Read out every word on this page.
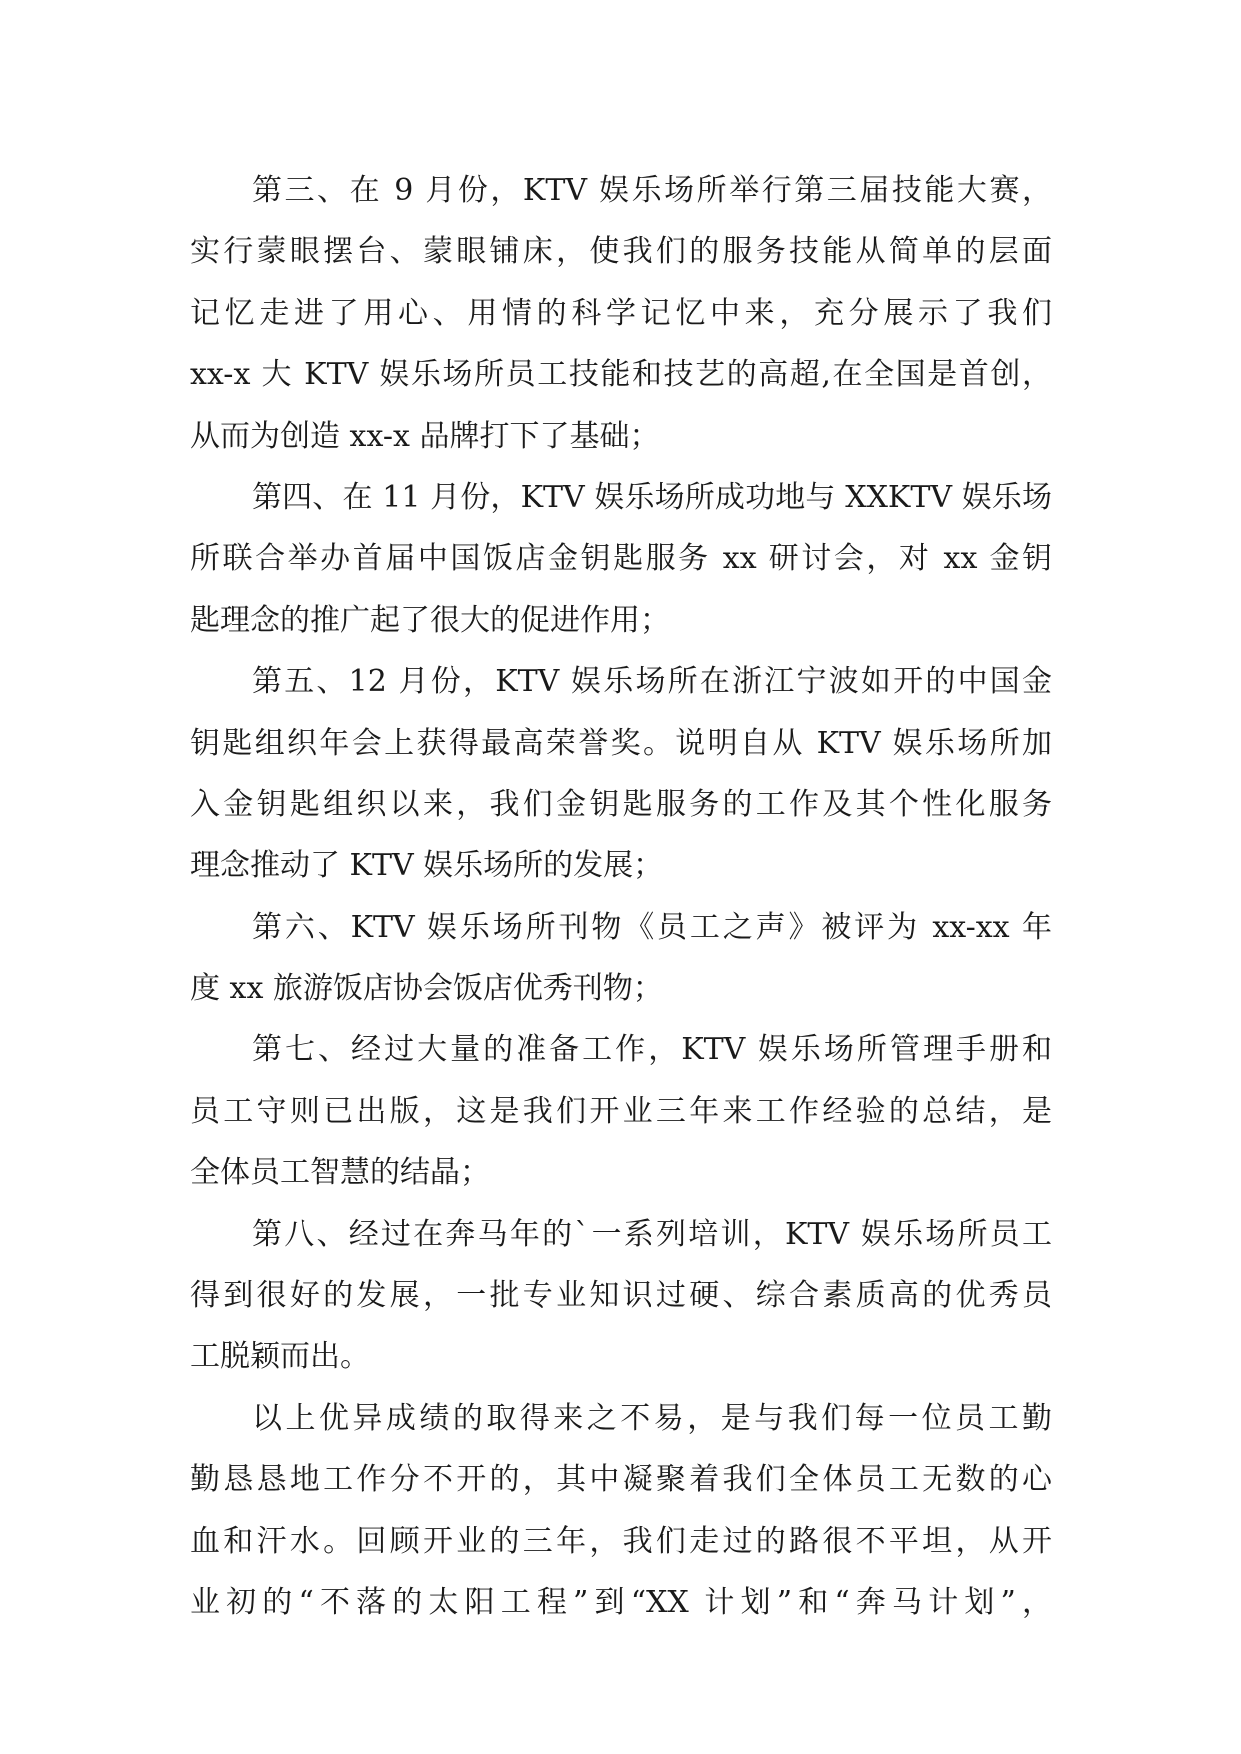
第三、在 9 月份，KTV 娱乐场所举行第三届技能大赛，
实行蒙眼摆台、蒙眼铺床，使我们的服务技能从简单的层面
记忆走进了用心、用情的科学记忆中来，充分展示了我们
xx-x 大 KTV 娱乐场所员工技能和技艺的高超,在全国是首创，
从而为创造 xx-x 品牌打下了基础；
第四、在 11 月份，KTV 娱乐场所成功地与 XXKTV 娱乐场
所联合举办首届中国饭店金钥匙服务 xx 研讨会，对 xx 金钥
匙理念的推广起了很大的促进作用；
第五、12 月份，KTV 娱乐场所在浙江宁波如开的中国金
钥匙组织年会上获得最高荣誉奖。说明自从 KTV 娱乐场所加
入金钥匙组织以来，我们金钥匙服务的工作及其个性化服务
理念推动了 KTV 娱乐场所的发展；
第六、KTV 娱乐场所刊物《员工之声》被评为 xx-xx 年
度 xx 旅游饭店协会饭店优秀刊物；
第七、经过大量的准备工作，KTV 娱乐场所管理手册和
员工守则已出版，这是我们开业三年来工作经验的总结，是
全体员工智慧的结晶；
第八、经过在奔马年的`一系列培训，KTV 娱乐场所员工
得到很好的发展，一批专业知识过硬、综合素质高的优秀员
工脱颖而出。
以上优异成绩的取得来之不易，是与我们每一位员工勤
勤恳恳地工作分不开的，其中凝聚着我们全体员工无数的心
血和汗水。回顾开业的三年，我们走过的路很不平坦，从开
业初的“不落的太阳工程”到“XX 计划”和“奔马计划”，
